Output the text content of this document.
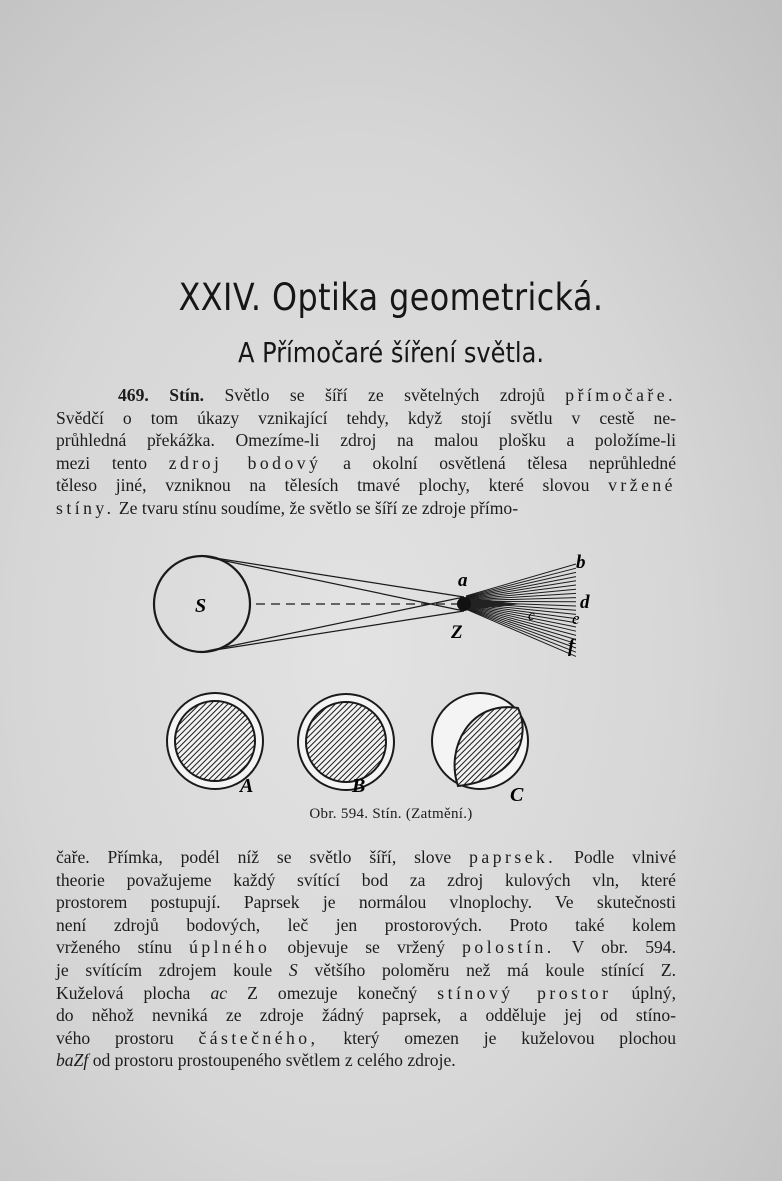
XXIV. Optika geometrická.
A Přímočaré šíření světla.
469. Stín. Světlo se šíří ze světelných zdrojů přímočaře.
Svědčí o tom úkazy vznikající tehdy, když stojí světlu v cestě ne-
průhledná překážka. Omezíme-li zdroj na malou plošku a položíme-li
mezi tento zdroj bodový a okolní osvětlená tělesa neprůhledné
těleso jiné, vzniknou na tělesích tmavé plochy, které slovou vržené
stíny. Ze tvaru stínu soudíme, že světlo se šíří ze zdroje přímo-
S
a
Z
b
c
d
e
f
A	B	C
Obr. 594. Stín. (Zatmění.)
čaře. Přímka, podél níž se světlo šíří, slove paprsek. Podle vlnivé
theorie považujeme každý svítící bod za zdroj kulových vln, které
prostorem postupují. Paprsek je normálou vlnoplochy. Ve skutečnosti
není zdrojů bodových, leč jen prostorových. Proto také kolem
vrženého stínu úplného objevuje se vržený polostín. V obr. 594.
je svítícím zdrojem koule S většího poloměru než má koule stínící Z.
Kuželová plocha ac Z omezuje konečný stínový prostor úplný,
do něhož nevniká ze zdroje žádný paprsek, a odděluje jej od stíno-
vého prostoru částečného, který omezen je kuželovou plochou
baZf od prostoru prostoupeného světlem z celého zdroje.
